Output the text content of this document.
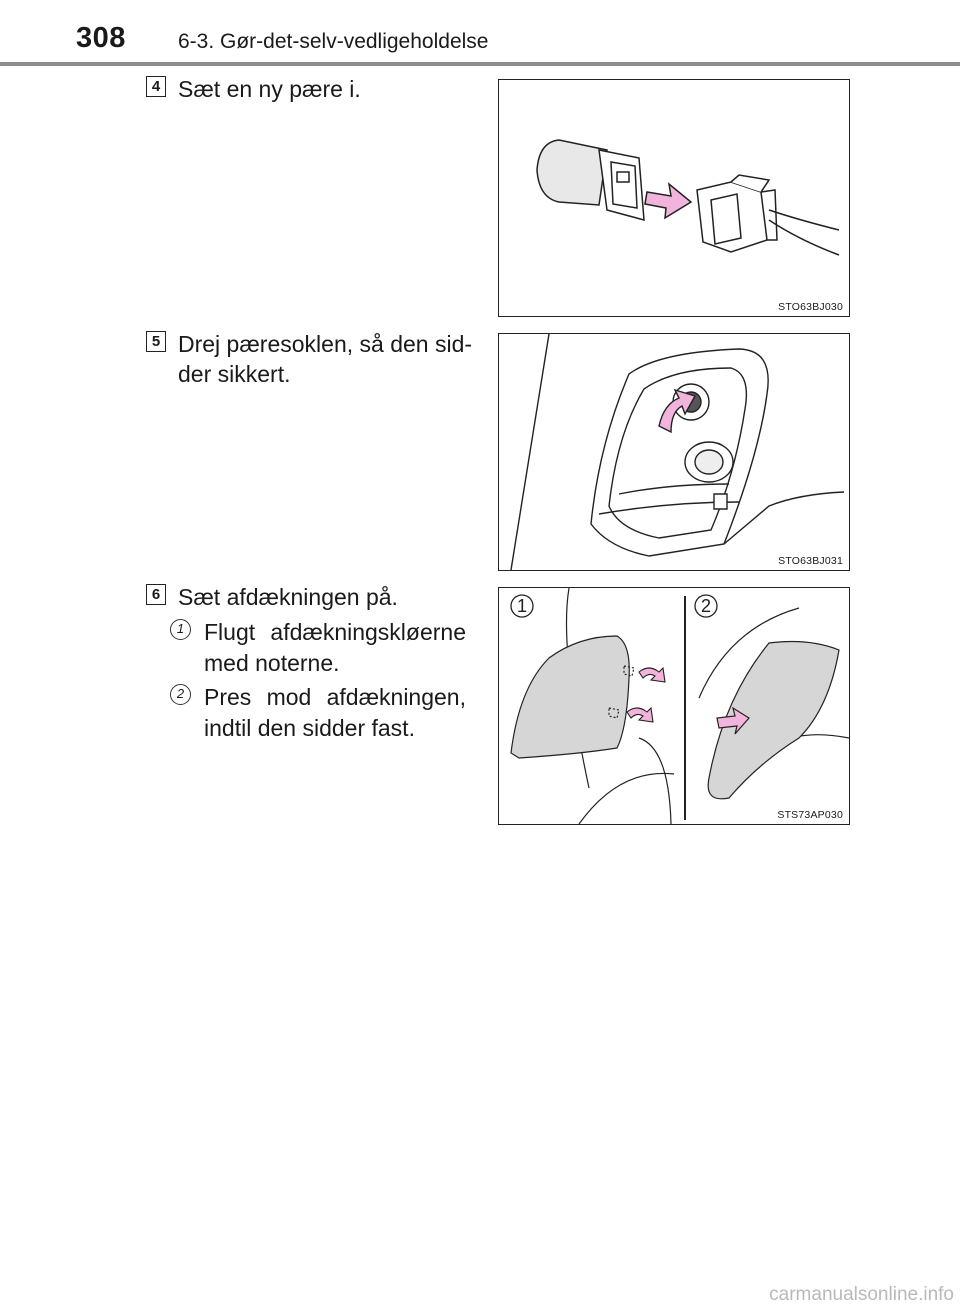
308 6-3. Gør-det-selv-vedligeholdelse
4 Sæt en ny pære i.
STO63BJ030
5 Drej pæresoklen, så den sid-
der sikkert.
STO63BJ031
6 Sæt afdækningen på.
1 Flugt afdækningskløerne
med noterne.
2 Pres mod afdækningen,
indtil den sidder fast.
1	2
STS73AP030
carmanualsonline.info
